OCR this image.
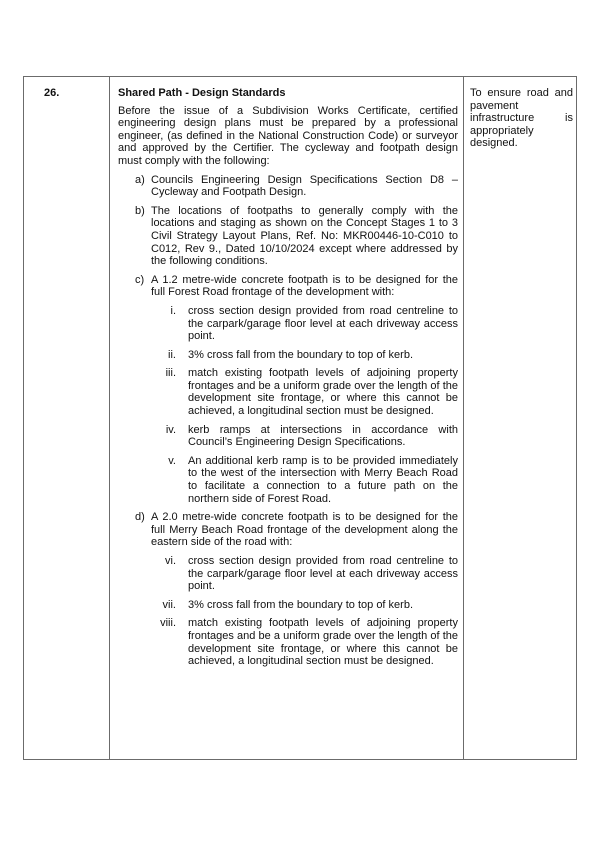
26.	Shared Path - Design Standards

Before the issue of a Subdivision Works Certificate, certified engineering design plans must be prepared by a professional engineer, (as defined in the National Construction Code) or surveyor and approved by the Certifier. The cycleway and footpath design must comply with the following:

a) Councils Engineering Design Specifications Section D8 – Cycleway and Footpath Design.
b) The locations of footpaths to generally comply with the locations and staging as shown on the Concept Stages 1 to 3 Civil Strategy Layout Plans, Ref. No: MKR00446-10-C010 to C012, Rev 9., Dated 10/10/2024 except where addressed by the following conditions.
c) A 1.2 metre-wide concrete footpath is to be designed for the full Forest Road frontage of the development with:
i. cross section design provided from road centreline to the carpark/garage floor level at each driveway access point.
ii. 3% cross fall from the boundary to top of kerb.
iii. match existing footpath levels of adjoining property frontages and be a uniform grade over the length of the development site frontage, or where this cannot be achieved, a longitudinal section must be designed.
iv. kerb ramps at intersections in accordance with Council’s Engineering Design Specifications.
v. An additional kerb ramp is to be provided immediately to the west of the intersection with Merry Beach Road to facilitate a connection to a future path on the northern side of Forest Road.
d) A 2.0 metre-wide concrete footpath is to be designed for the full Merry Beach Road frontage of the development along the eastern side of the road with:
vi. cross section design provided from road centreline to the carpark/garage floor level at each driveway access point.
vii. 3% cross fall from the boundary to top of kerb.
viii. match existing footpath levels of adjoining property frontages and be a uniform grade over the length of the development site frontage, or where this cannot be achieved, a longitudinal section must be designed.
To ensure road and pavement infrastructure is appropriately designed.
